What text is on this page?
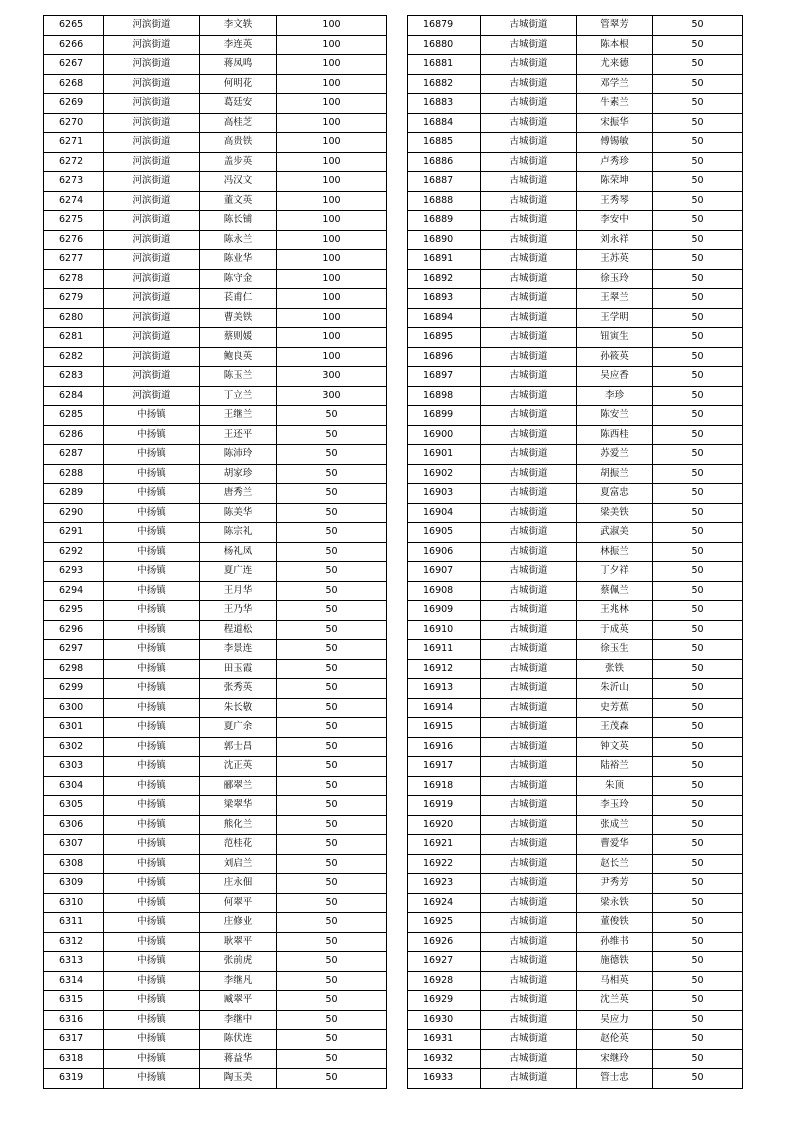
6265	河滨街道	李文轶	100
6266	河滨街道	李连英	100
6267	河滨街道	蒋凤鸣	100
6268	河滨街道	何明花	100
6269	河滨街道	葛廷安	100
6270	河滨街道	高桂芝	100
6271	河滨街道	高贵铁	100
6272	河滨街道	盖步英	100
6273	河滨街道	冯汉文	100
6274	河滨街道	董文英	100
6275	河滨街道	陈长铺	100
6276	河滨街道	陈永兰	100
6277	河滨街道	陈业华	100
6278	河滨街道	陈守金	100
6279	河滨街道	苌甫仁	100
6280	河滨街道	曹美铁	100
6281	河滨街道	蔡则媛	100
6282	河滨街道	鲍良英	100
6283	河滨街道	陈玉兰	300
6284	河滨街道	丁立兰	300
6285	中扬镇	王继兰	50
6286	中扬镇	王还平	50
6287	中扬镇	陈沛玲	50
6288	中扬镇	胡家珍	50
6289	中扬镇	唐秀兰	50
6290	中扬镇	陈美华	50
6291	中扬镇	陈宗礼	50
6292	中扬镇	杨礼凤	50
6293	中扬镇	夏广连	50
6294	中扬镇	王月华	50
6295	中扬镇	王乃华	50
6296	中扬镇	程道松	50
6297	中扬镇	李景连	50
6298	中扬镇	田玉霞	50
6299	中扬镇	张秀英	50
6300	中扬镇	朱长敬	50
6301	中扬镇	夏广余	50
6302	中扬镇	郭士昌	50
6303	中扬镇	沈正英	50
6304	中扬镇	郦翠兰	50
6305	中扬镇	梁翠华	50
6306	中扬镇	熊化兰	50
6307	中扬镇	范桂花	50
6308	中扬镇	刘启兰	50
6309	中扬镇	庄永佃	50
6310	中扬镇	何翠平	50
6311	中扬镇	庄修业	50
6312	中扬镇	耿翠平	50
6313	中扬镇	张前虎	50
6314	中扬镇	李继凡	50
6315	中扬镇	臧翠平	50
6316	中扬镇	李继中	50
6317	中扬镇	陈伏连	50
6318	中扬镇	蒋益华	50
6319	中扬镇	陶玉美	50
16879	古城街道	管翠芳	50
16880	古城街道	陈本根	50
16881	古城街道	尤来德	50
16882	古城街道	邓学兰	50
16883	古城街道	牛素兰	50
16884	古城街道	宋振华	50
16885	古城街道	傅锡敏	50
16886	古城街道	卢秀珍	50
16887	古城街道	陈荣坤	50
16888	古城街道	王秀琴	50
16889	古城街道	李安中	50
16890	古城街道	刘永祥	50
16891	古城街道	王苏英	50
16892	古城街道	徐玉玲	50
16893	古城街道	王翠兰	50
16894	古城街道	王学明	50
16895	古城街道	钮寅生	50
16896	古城街道	孙筱英	50
16897	古城街道	吴应香	50
16898	古城街道	李珍	50
16899	古城街道	陈安兰	50
16900	古城街道	陈西桂	50
16901	古城街道	苏爱兰	50
16902	古城街道	胡振兰	50
16903	古城街道	夏富忠	50
16904	古城街道	梁美铁	50
16905	古城街道	武淑美	50
16906	古城街道	林振兰	50
16907	古城街道	丁夕祥	50
16908	古城街道	蔡佩兰	50
16909	古城街道	王兆林	50
16910	古城街道	于成英	50
16911	古城街道	徐玉生	50
16912	古城街道	张铁	50
16913	古城街道	朱沂山	50
16914	古城街道	史芳蕉	50
16915	古城街道	王茂森	50
16916	古城街道	钟文英	50
16917	古城街道	陆裕兰	50
16918	古城街道	朱顶	50
16919	古城街道	李玉玲	50
16920	古城街道	张成兰	50
16921	古城街道	曹爱华	50
16922	古城街道	赵长兰	50
16923	古城街道	尹秀芳	50
16924	古城街道	梁永铁	50
16925	古城街道	董俊铁	50
16926	古城街道	孙维书	50
16927	古城街道	施德铁	50
16928	古城街道	马相英	50
16929	古城街道	沈兰英	50
16930	古城街道	吴应力	50
16931	古城街道	赵伦英	50
16932	古城街道	宋继玲	50
16933	古城街道	管士忠	50
